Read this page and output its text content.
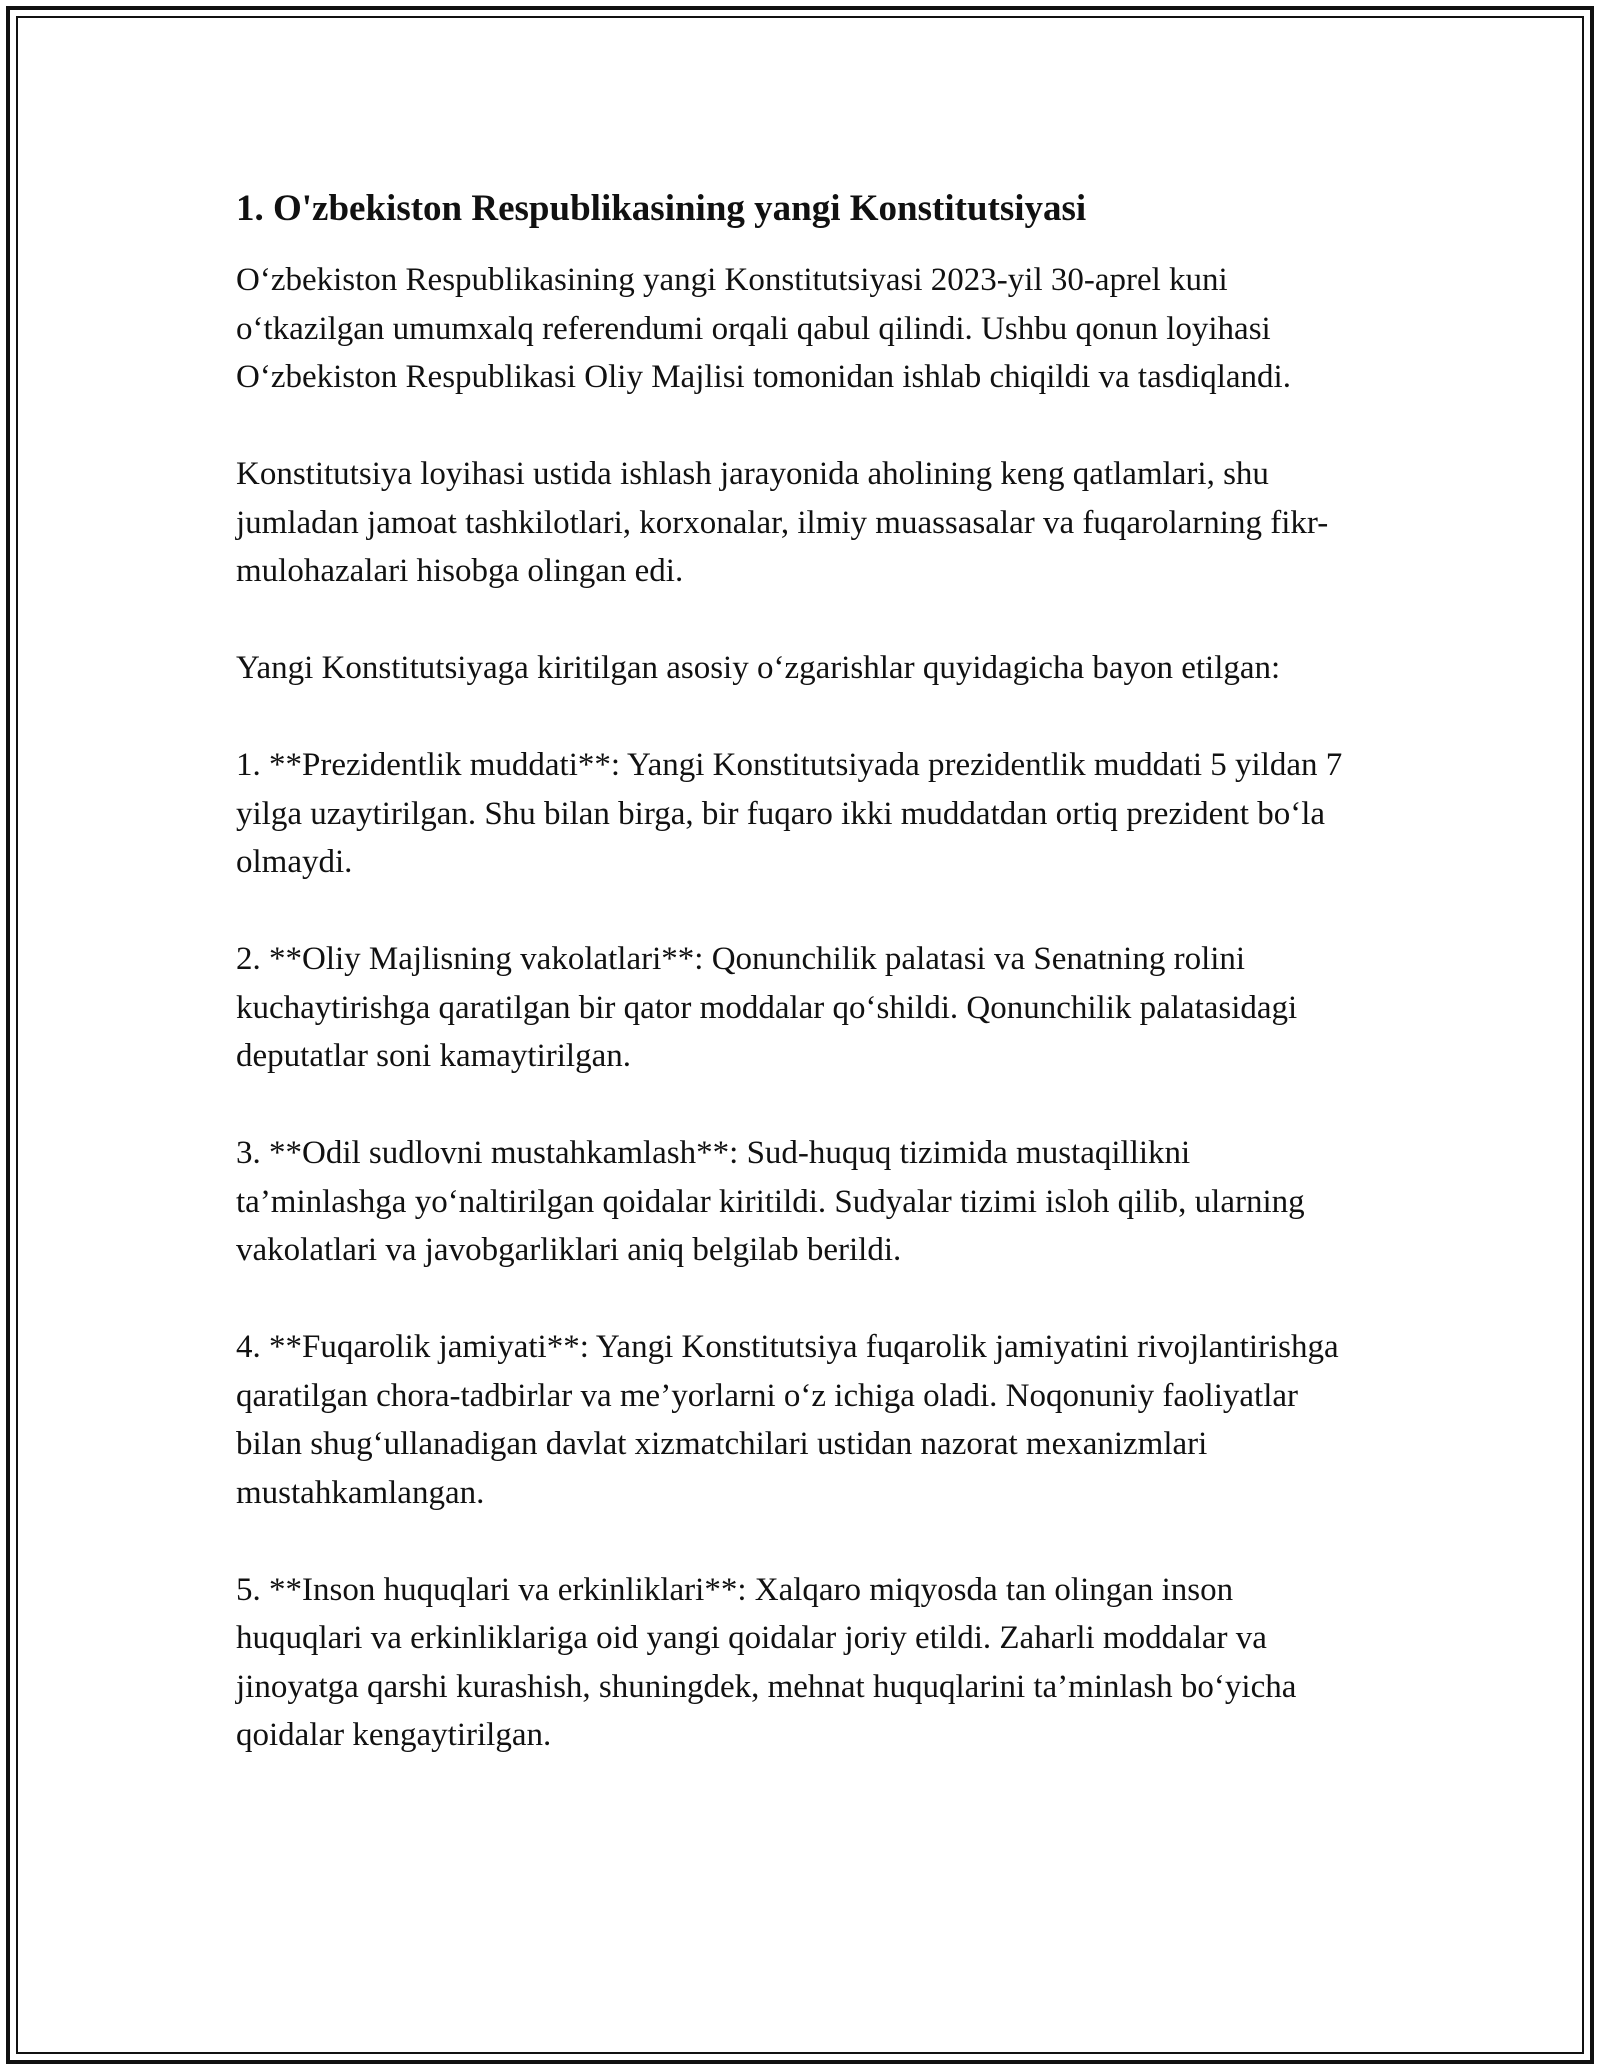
1. O'zbekiston Respublikasining yangi Konstitutsiyasi

O‘zbekiston Respublikasining yangi Konstitutsiyasi 2023-yil 30-aprel kuni o‘tkazilgan umumxalq referendumi orqali qabul qilindi. Ushbu qonun loyihasi O‘zbekiston Respublikasi Oliy Majlisi tomonidan ishlab chiqildi va tasdiqlandi.

Konstitutsiya loyihasi ustida ishlash jarayonida aholining keng qatlamlari, shu jumladan jamoat tashkilotlari, korxonalar, ilmiy muassasalar va fuqarolarning fikr-mulohazalari hisobga olingan edi.

Yangi Konstitutsiyaga kiritilgan asosiy o‘zgarishlar quyidagicha bayon etilgan:

1. **Prezidentlik muddati**: Yangi Konstitutsiyada prezidentlik muddati 5 yildan 7 yilga uzaytirilgan. Shu bilan birga, bir fuqaro ikki muddatdan ortiq prezident bo‘la olmaydi.

2. **Oliy Majlisning vakolatlari**: Qonunchilik palatasi va Senatning rolini kuchaytirishga qaratilgan bir qator moddalar qo‘shildi. Qonunchilik palatasidagi deputatlar soni kamaytirilgan.

3. **Odil sudlovni mustahkamlash**: Sud-huquq tizimida mustaqillikni ta’minlashga yo‘naltirilgan qoidalar kiritildi. Sudyalar tizimi isloh qilib, ularning vakolatlari va javobgarliklari aniq belgilab berildi.

4. **Fuqarolik jamiyati**: Yangi Konstitutsiya fuqarolik jamiyatini rivojlantirishga qaratilgan chora-tadbirlar va me’yorlarni o‘z ichiga oladi. Noqonuniy faoliyatlar bilan shug‘ullanadigan davlat xizmatchilari ustidan nazorat mexanizmlari mustahkamlangan.

5. **Inson huquqlari va erkinliklari**: Xalqaro miqyosda tan olingan inson huquqlari va erkinliklariga oid yangi qoidalar joriy etildi. Zaharli moddalar va jinoyatga qarshi kurashish, shuningdek, mehnat huquqlarini ta’minlash bo‘yicha qoidalar kengaytirilgan.
